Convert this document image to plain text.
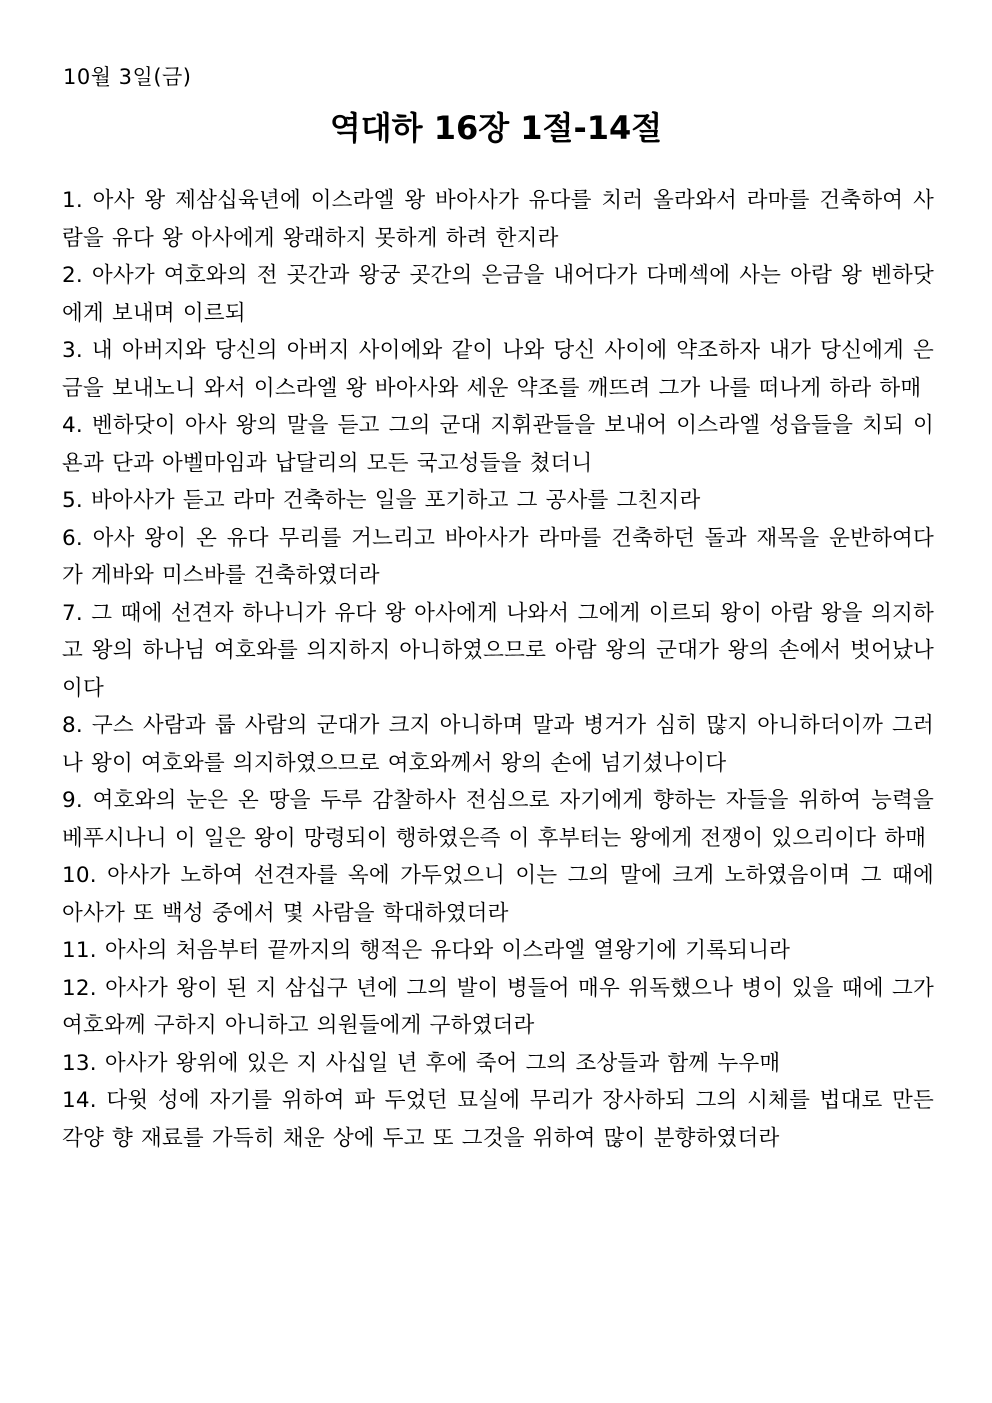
10월 3일(금)
역대하 16장 1절-14절
1. 아사 왕 제삼십육년에 이스라엘 왕 바아사가 유다를 치러 올라와서 라마를 건축하여 사람을 유다 왕 아사에게 왕래하지 못하게 하려 한지라
2. 아사가 여호와의 전 곳간과 왕궁 곳간의 은금을 내어다가 다메섹에 사는 아람 왕 벤하닷에게 보내며 이르되
3. 내 아버지와 당신의 아버지 사이에와 같이 나와 당신 사이에 약조하자 내가 당신에게 은금을 보내노니 와서 이스라엘 왕 바아사와 세운 약조를 깨뜨려 그가 나를 떠나게 하라 하매
4. 벤하닷이 아사 왕의 말을 듣고 그의 군대 지휘관들을 보내어 이스라엘 성읍들을 치되 이욘과 단과 아벨마임과 납달리의 모든 국고성들을 쳤더니
5. 바아사가 듣고 라마 건축하는 일을 포기하고 그 공사를 그친지라
6. 아사 왕이 온 유다 무리를 거느리고 바아사가 라마를 건축하던 돌과 재목을 운반하여다가 게바와 미스바를 건축하였더라
7. 그 때에 선견자 하나니가 유다 왕 아사에게 나와서 그에게 이르되 왕이 아람 왕을 의지하고 왕의 하나님 여호와를 의지하지 아니하였으므로 아람 왕의 군대가 왕의 손에서 벗어났나이다
8. 구스 사람과 룹 사람의 군대가 크지 아니하며 말과 병거가 심히 많지 아니하더이까 그러나 왕이 여호와를 의지하였으므로 여호와께서 왕의 손에 넘기셨나이다
9. 여호와의 눈은 온 땅을 두루 감찰하사 전심으로 자기에게 향하는 자들을 위하여 능력을 베푸시나니 이 일은 왕이 망령되이 행하였은즉 이 후부터는 왕에게 전쟁이 있으리이다 하매
10. 아사가 노하여 선견자를 옥에 가두었으니 이는 그의 말에 크게 노하였음이며 그 때에 아사가 또 백성 중에서 몇 사람을 학대하였더라
11. 아사의 처음부터 끝까지의 행적은 유다와 이스라엘 열왕기에 기록되니라
12. 아사가 왕이 된 지 삼십구 년에 그의 발이 병들어 매우 위독했으나 병이 있을 때에 그가 여호와께 구하지 아니하고 의원들에게 구하였더라
13. 아사가 왕위에 있은 지 사십일 년 후에 죽어 그의 조상들과 함께 누우매
14. 다윗 성에 자기를 위하여 파 두었던 묘실에 무리가 장사하되 그의 시체를 법대로 만든 각양 향 재료를 가득히 채운 상에 두고 또 그것을 위하여 많이 분향하였더라
